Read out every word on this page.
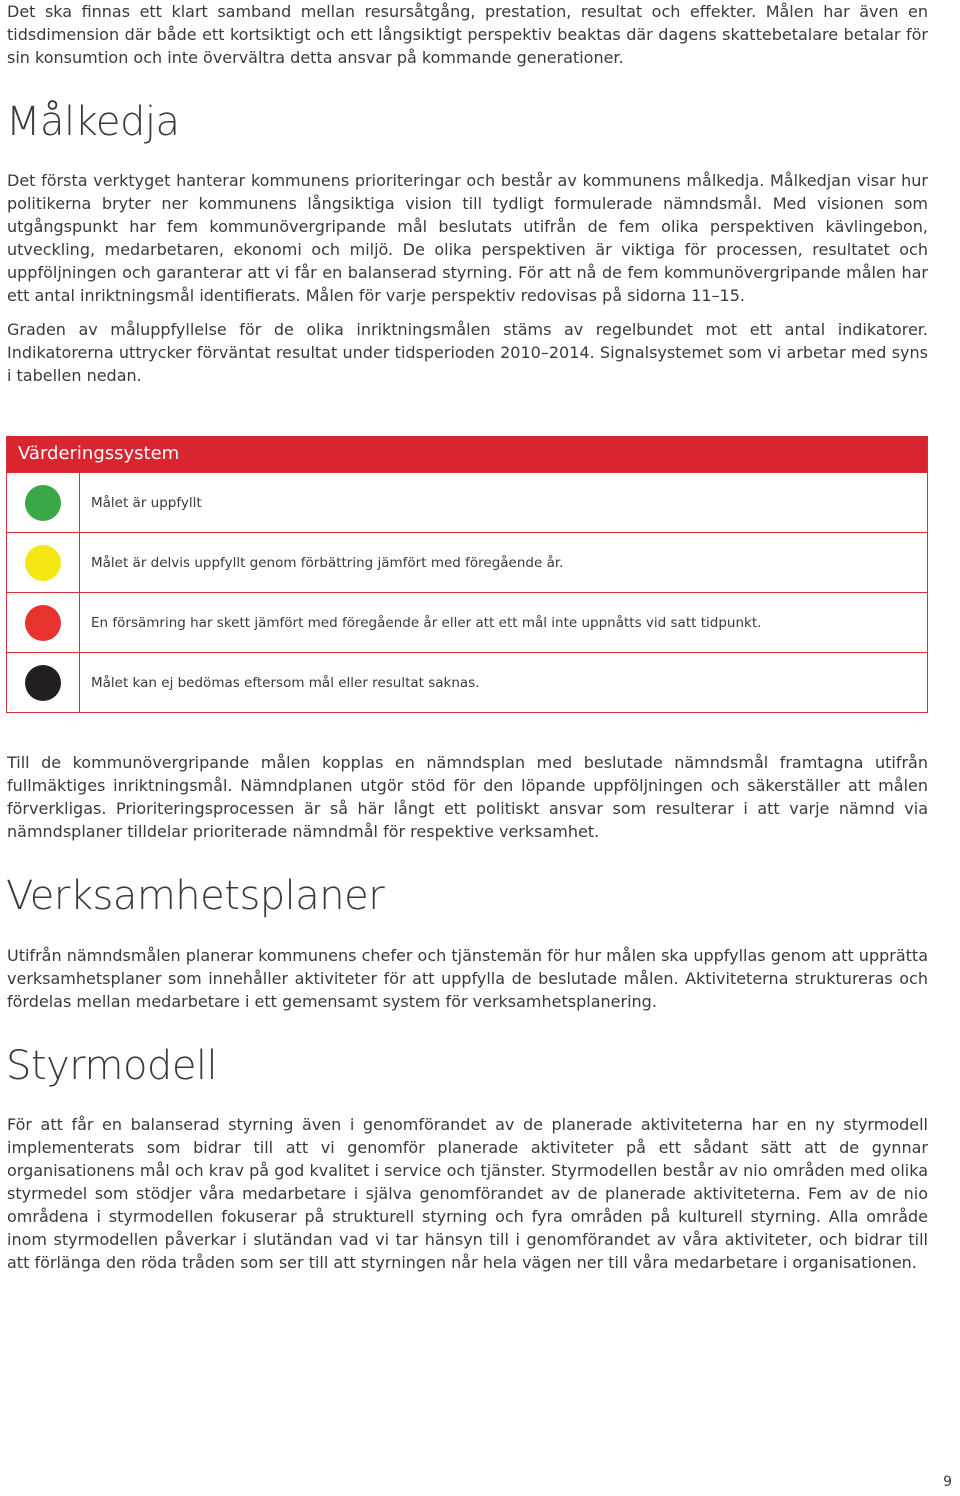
Det ska finnas ett klart samband mellan resursåtgång, prestation, resultat och effekter. Målen har även en tidsdimension där både ett kortsiktigt och ett långsiktigt perspektiv beaktas där dagens skattebetalare betalar för sin konsumtion och inte övervältra detta ansvar på kommande generationer.

Målkedja

Det första verktyget hanterar kommunens prioriteringar och består av kommunens målkedja. Målkedjan visar hur politikerna bryter ner kommunens långsiktiga vision till tydligt formulerade nämndsmål. Med visionen som utgångspunkt har fem kommunövergripande mål beslutats utifrån de fem olika perspektiven kävlingebon, utveckling, medarbetaren, ekonomi och miljö. De olika perspektiven är viktiga för processen, resultatet och uppföljningen och garanterar att vi får en balanserad styrning. För att nå de fem kommunövergripande målen har ett antal inriktningsmål identifierats. Målen för varje perspektiv redovisas på sidorna 11–15.

Graden av måluppfyllelse för de olika inriktningsmålen stäms av regelbundet mot ett antal indikatorer. Indikatorerna uttrycker förväntat resultat under tidsperioden 2010–2014. Signalsystemet som vi arbetar med syns i tabellen nedan.

Värderingssystem
Målet är uppfyllt
Målet är delvis uppfyllt genom förbättring jämfört med föregående år.
En försämring har skett jämfört med föregående år eller att ett mål inte uppnåtts vid satt tidpunkt.
Målet kan ej bedömas eftersom mål eller resultat saknas.

Till de kommunövergripande målen kopplas en nämndsplan med beslutade nämndsmål framtagna utifrån fullmäktiges inriktningsmål. Nämndplanen utgör stöd för den löpande uppföljningen och säkerställer att målen förverkligas. Prioriteringsprocessen är så här långt ett politiskt ansvar som resulterar i att varje nämnd via nämndsplaner tilldelar prioriterade nämndmål för respektive verksamhet.

Verksamhetsplaner

Utifrån nämndsmålen planerar kommunens chefer och tjänstemän för hur målen ska uppfyllas genom att upprätta verksamhetsplaner som innehåller aktiviteter för att uppfylla de beslutade målen. Aktiviteterna struktureras och fördelas mellan medarbetare i ett gemensamt system för verksamhetsplanering.

Styrmodell

För att får en balanserad styrning även i genomförandet av de planerade aktiviteterna har en ny styrmodell implementerats som bidrar till att vi genomför planerade aktiviteter på ett sådant sätt att de gynnar organisationens mål och krav på god kvalitet i service och tjänster. Styrmodellen består av nio områden med olika styrmedel som stödjer våra medarbetare i själva genomförandet av de planerade aktiviteterna. Fem av de nio områdena i styrmodellen fokuserar på strukturell styrning och fyra områden på kulturell styrning. Alla område inom styrmodellen påverkar i slutändan vad vi tar hänsyn till i genomförandet av våra aktiviteter, och bidrar till att förlänga den röda tråden som ser till att styrningen når hela vägen ner till våra medarbetare i organisationen.

9
